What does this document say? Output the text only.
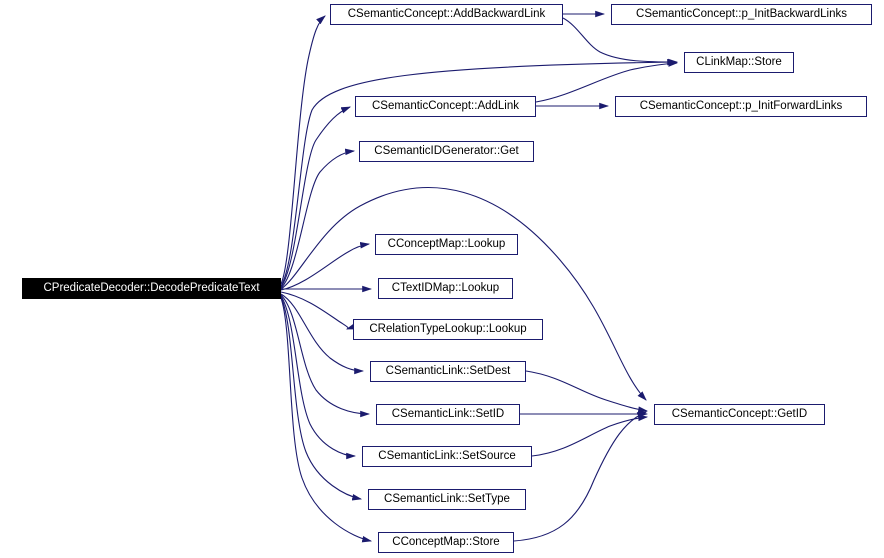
CPredicateDecoder::DecodePredicateText
CSemanticConcept::AddBackwardLink	CSemanticConcept::p_InitBackwardLinks
CLinkMap::Store
CSemanticConcept::AddLink	CSemanticConcept::p_InitForwardLinks
CSemanticIDGenerator::Get
CConceptMap::Lookup
CTextIDMap::Lookup
CRelationTypeLookup::Lookup
CSemanticLink::SetDest
CSemanticLink::SetID	CSemanticConcept::GetID
CSemanticLink::SetSource
CSemanticLink::SetType
CConceptMap::Store
